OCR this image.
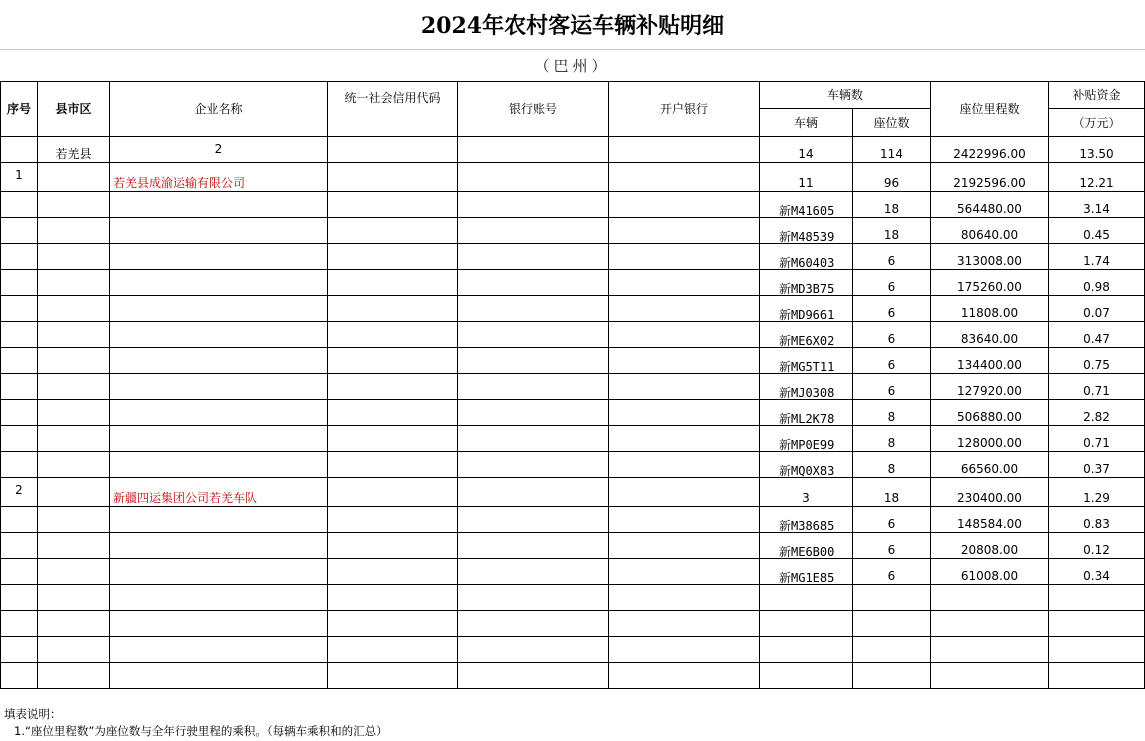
2024年农村客运车辆补贴明细
（巴州）
序号	县市区	企业名称	统一社会信用代码	银行账号	开户银行	车辆数		座位里程数	补贴资金
						车辆	座位数		（万元）
	若羌县	2				14	114	2422996.00	13.50
1		若羌县成渝运输有限公司				11	96	2192596.00	12.21
						新M41605	18	564480.00	3.14
						新M48539	18	80640.00	0.45
						新M60403	6	313008.00	1.74
						新MD3B75	6	175260.00	0.98
						新MD9661	6	11808.00	0.07
						新ME6X02	6	83640.00	0.47
						新MG5T11	6	134400.00	0.75
						新MJ0308	6	127920.00	0.71
						新ML2K78	8	506880.00	2.82
						新MP0E99	8	128000.00	0.71
						新MQ0X83	8	66560.00	0.37
2		新疆四运集团公司若羌车队				3	18	230400.00	1.29
						新M38685	6	148584.00	0.83
						新ME6B00	6	20808.00	0.12
						新MG1E85	6	61008.00	0.34

填表说明：
1.“座位里程数”为座位数与全年行驶里程的乘积。（每辆车乘积和的汇总）
